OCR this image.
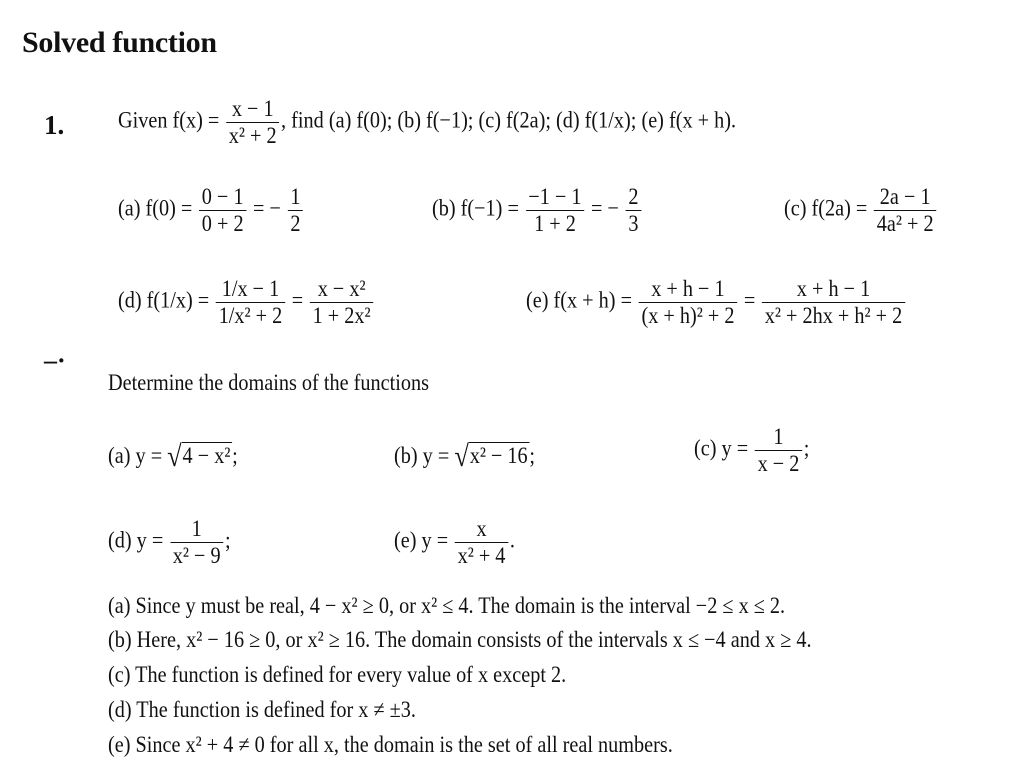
Solved function
1. Given $f(x) = \frac{x - 1}{\text{x² + 2}}$ , find (a) f(0); (b) f(−1); (c) f(2a); (d) f(1/x); (e) f(x + h).
(a) $f(0) = \frac{0 - 1}{0 + 2}$ = − $\frac{1}{2}$	(b) $f(-1) = \frac{-1 - 1}{1 + 2}$ = − $\frac{2}{3}$	(c) $f(2a) = \frac{2a - 1}{\text{4a² + 2}}$
(d) $f(1/x) = \frac{1/x - 1}{\text{1/x² + 2}} = \frac{\text{x − x²}}{\text{1 + 2x²}}$	(e) $f(x + h) = \frac{x + h - 1}{\text{(x + h)² + 2}} = \frac{x + h - 1}{\text{x² + 2hx + h² + 2}}$
–·
Determine the domains of the functions
(a) y = √4 − x²;	(b) y = √x² − 16;	(c) $y = \frac{1}{x - 2}$ ;
(d) $y = \frac{1}{\text{x² − 9}}$ ;	(e) $y = \frac{x}{\text{x² + 4}}$ .
(a) Since y must be real, 4 − x² ≥ 0, or x² ≤ 4. The domain is the interval −2 ≤ x ≤ 2.
(b) Here, x² − 16 ≥ 0, or x² ≥ 16. The domain consists of the intervals x ≤ −4 and x ≥ 4.
(c) The function is defined for every value of x except 2.
(d) The function is defined for x ≠ ±3.
(e) Since x² + 4 ≠ 0 for all x, the domain is the set of all real numbers.
